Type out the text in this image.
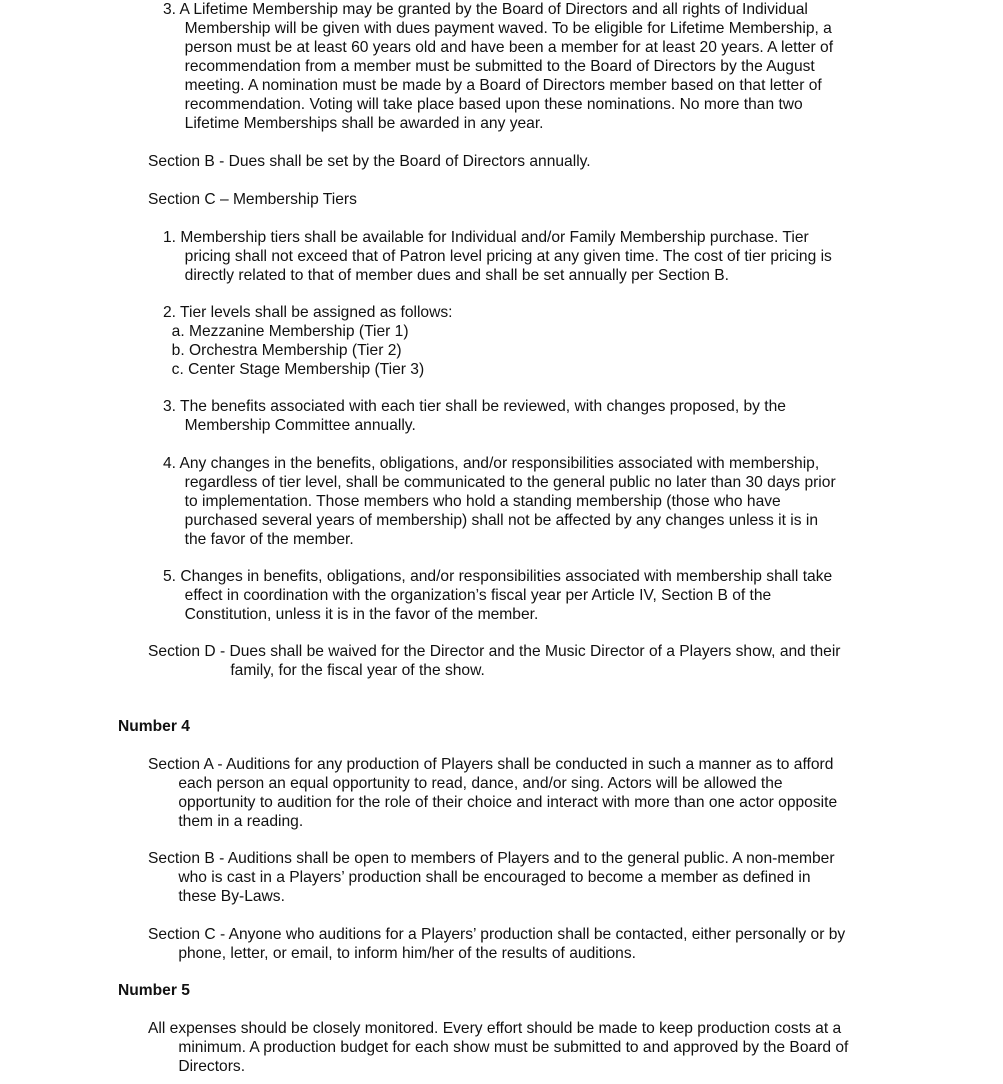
3. A Lifetime Membership may be granted by the Board of Directors and all rights of Individual
Membership will be given with dues payment waved. To be eligible for Lifetime Membership, a
person must be at least 60 years old and have been a member for at least 20 years. A letter of
recommendation from a member must be submitted to the Board of Directors by the August
meeting. A nomination must be made by a Board of Directors member based on that letter of
recommendation. Voting will take place based upon these nominations. No more than two
Lifetime Memberships shall be awarded in any year.

Section B - Dues shall be set by the Board of Directors annually.

Section C – Membership Tiers

1. Membership tiers shall be available for Individual and/or Family Membership purchase. Tier
pricing shall not exceed that of Patron level pricing at any given time. The cost of tier pricing is
directly related to that of member dues and shall be set annually per Section B.

2. Tier levels shall be assigned as follows:
a. Mezzanine Membership (Tier 1)
b. Orchestra Membership (Tier 2)
c. Center Stage Membership (Tier 3)

3. The benefits associated with each tier shall be reviewed, with changes proposed, by the
Membership Committee annually.

4. Any changes in the benefits, obligations, and/or responsibilities associated with membership,
regardless of tier level, shall be communicated to the general public no later than 30 days prior
to implementation. Those members who hold a standing membership (those who have
purchased several years of membership) shall not be affected by any changes unless it is in
the favor of the member.

5. Changes in benefits, obligations, and/or responsibilities associated with membership shall take
effect in coordination with the organization’s fiscal year per Article IV, Section B of the
Constitution, unless it is in the favor of the member.

Section D - Dues shall be waived for the Director and the Music Director of a Players show, and their
family, for the fiscal year of the show.

Number 4

Section A - Auditions for any production of Players shall be conducted in such a manner as to afford
each person an equal opportunity to read, dance, and/or sing. Actors will be allowed the
opportunity to audition for the role of their choice and interact with more than one actor opposite
them in a reading.

Section B - Auditions shall be open to members of Players and to the general public. A non-member
who is cast in a Players’ production shall be encouraged to become a member as defined in
these By-Laws.

Section C - Anyone who auditions for a Players’ production shall be contacted, either personally or by
phone, letter, or email, to inform him/her of the results of auditions.

Number 5

All expenses should be closely monitored. Every effort should be made to keep production costs at a
minimum. A production budget for each show must be submitted to and approved by the Board of
Directors.
